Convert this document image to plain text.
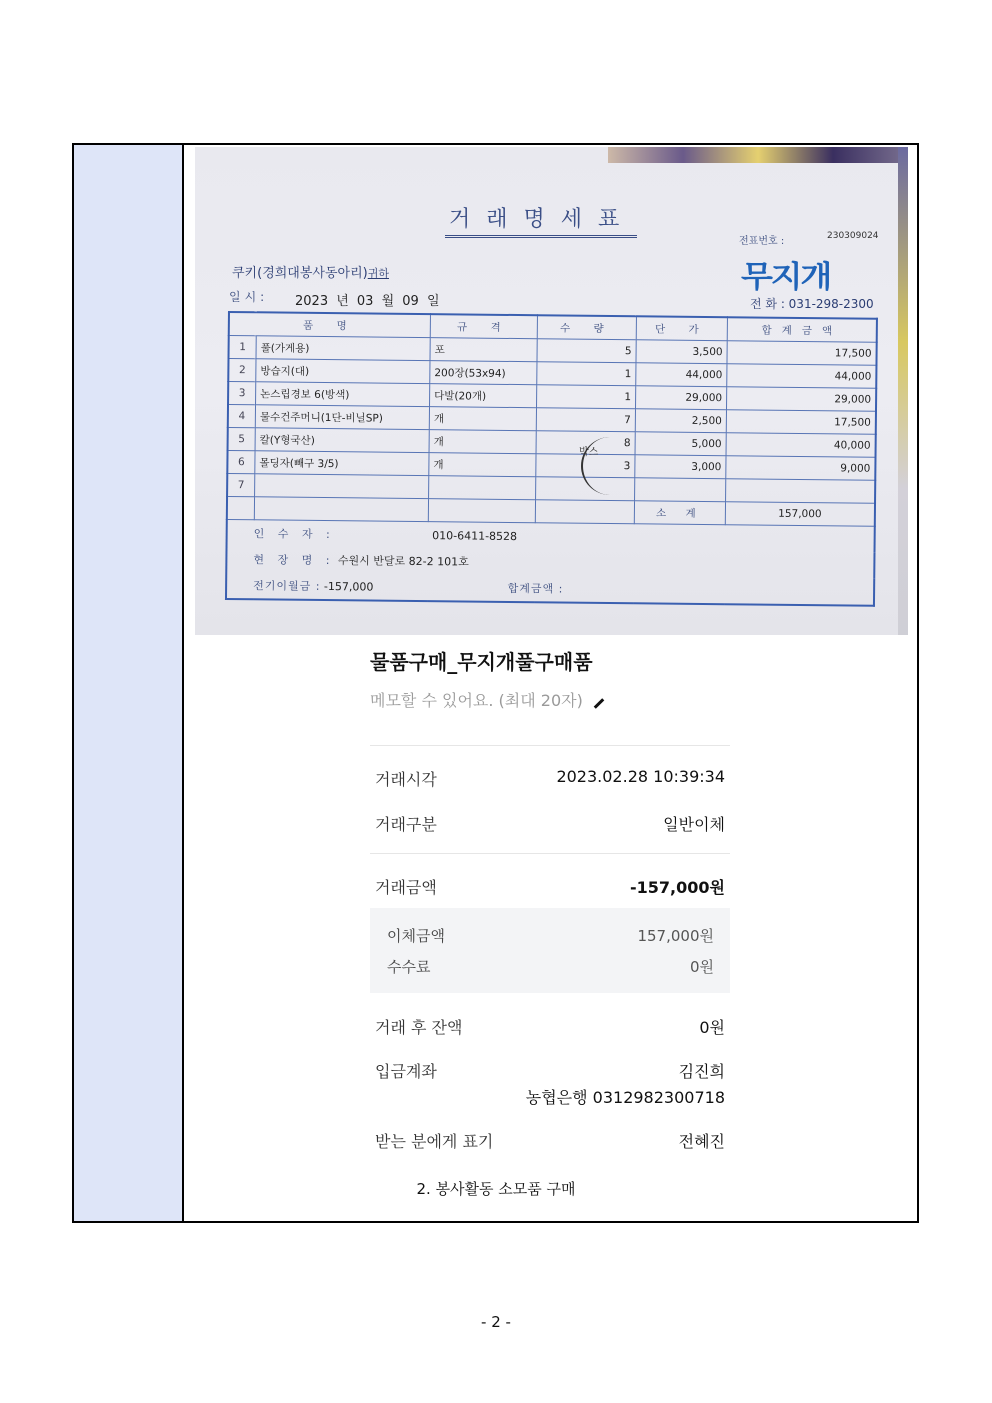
거래명세표
전표번호 :	230309024
쿠키(경희대봉사동아리)귀하
일시: 2023 년 03 월 09 일
무지개
전 화 : 031-298-2300
품 명		규 격	수 량	단 가	합계금액
1	풀(가게용)	포	5	3,500	17,500
2	방습지(대)	200장(53x94)	1	44,000	44,000
3	논스립경보 6(방색)	다발(20개)	1	29,000	29,000
4	물수건주머니(1단-비닐SP)	개	7	2,500	17,500
5	칼(Y형국산)	개	8	5,000	40,000
6	몰딩자(빼구 3/5)	개	3	3,000	9,000
7					
				소 계	157,000
인 수 자 :		010-6411-8528			
현 장 명 : 수원시 반달로 82-2 101호					
전기이월금 : -157,000		합계금액 :			
박스
물품구매_무지개풀구매품
메모할 수 있어요. (최대 20자)
거래시각	2023.02.28 10:39:34
거래구분	일반이체
거래금액	-157,000원
이체금액	157,000원
수수료	0원
거래 후 잔액	0원
입금계좌	김진희
농협은행 0312982300718
받는 분에게 표기	전혜진
2. 봉사활동 소모품 구매
- 2 -
